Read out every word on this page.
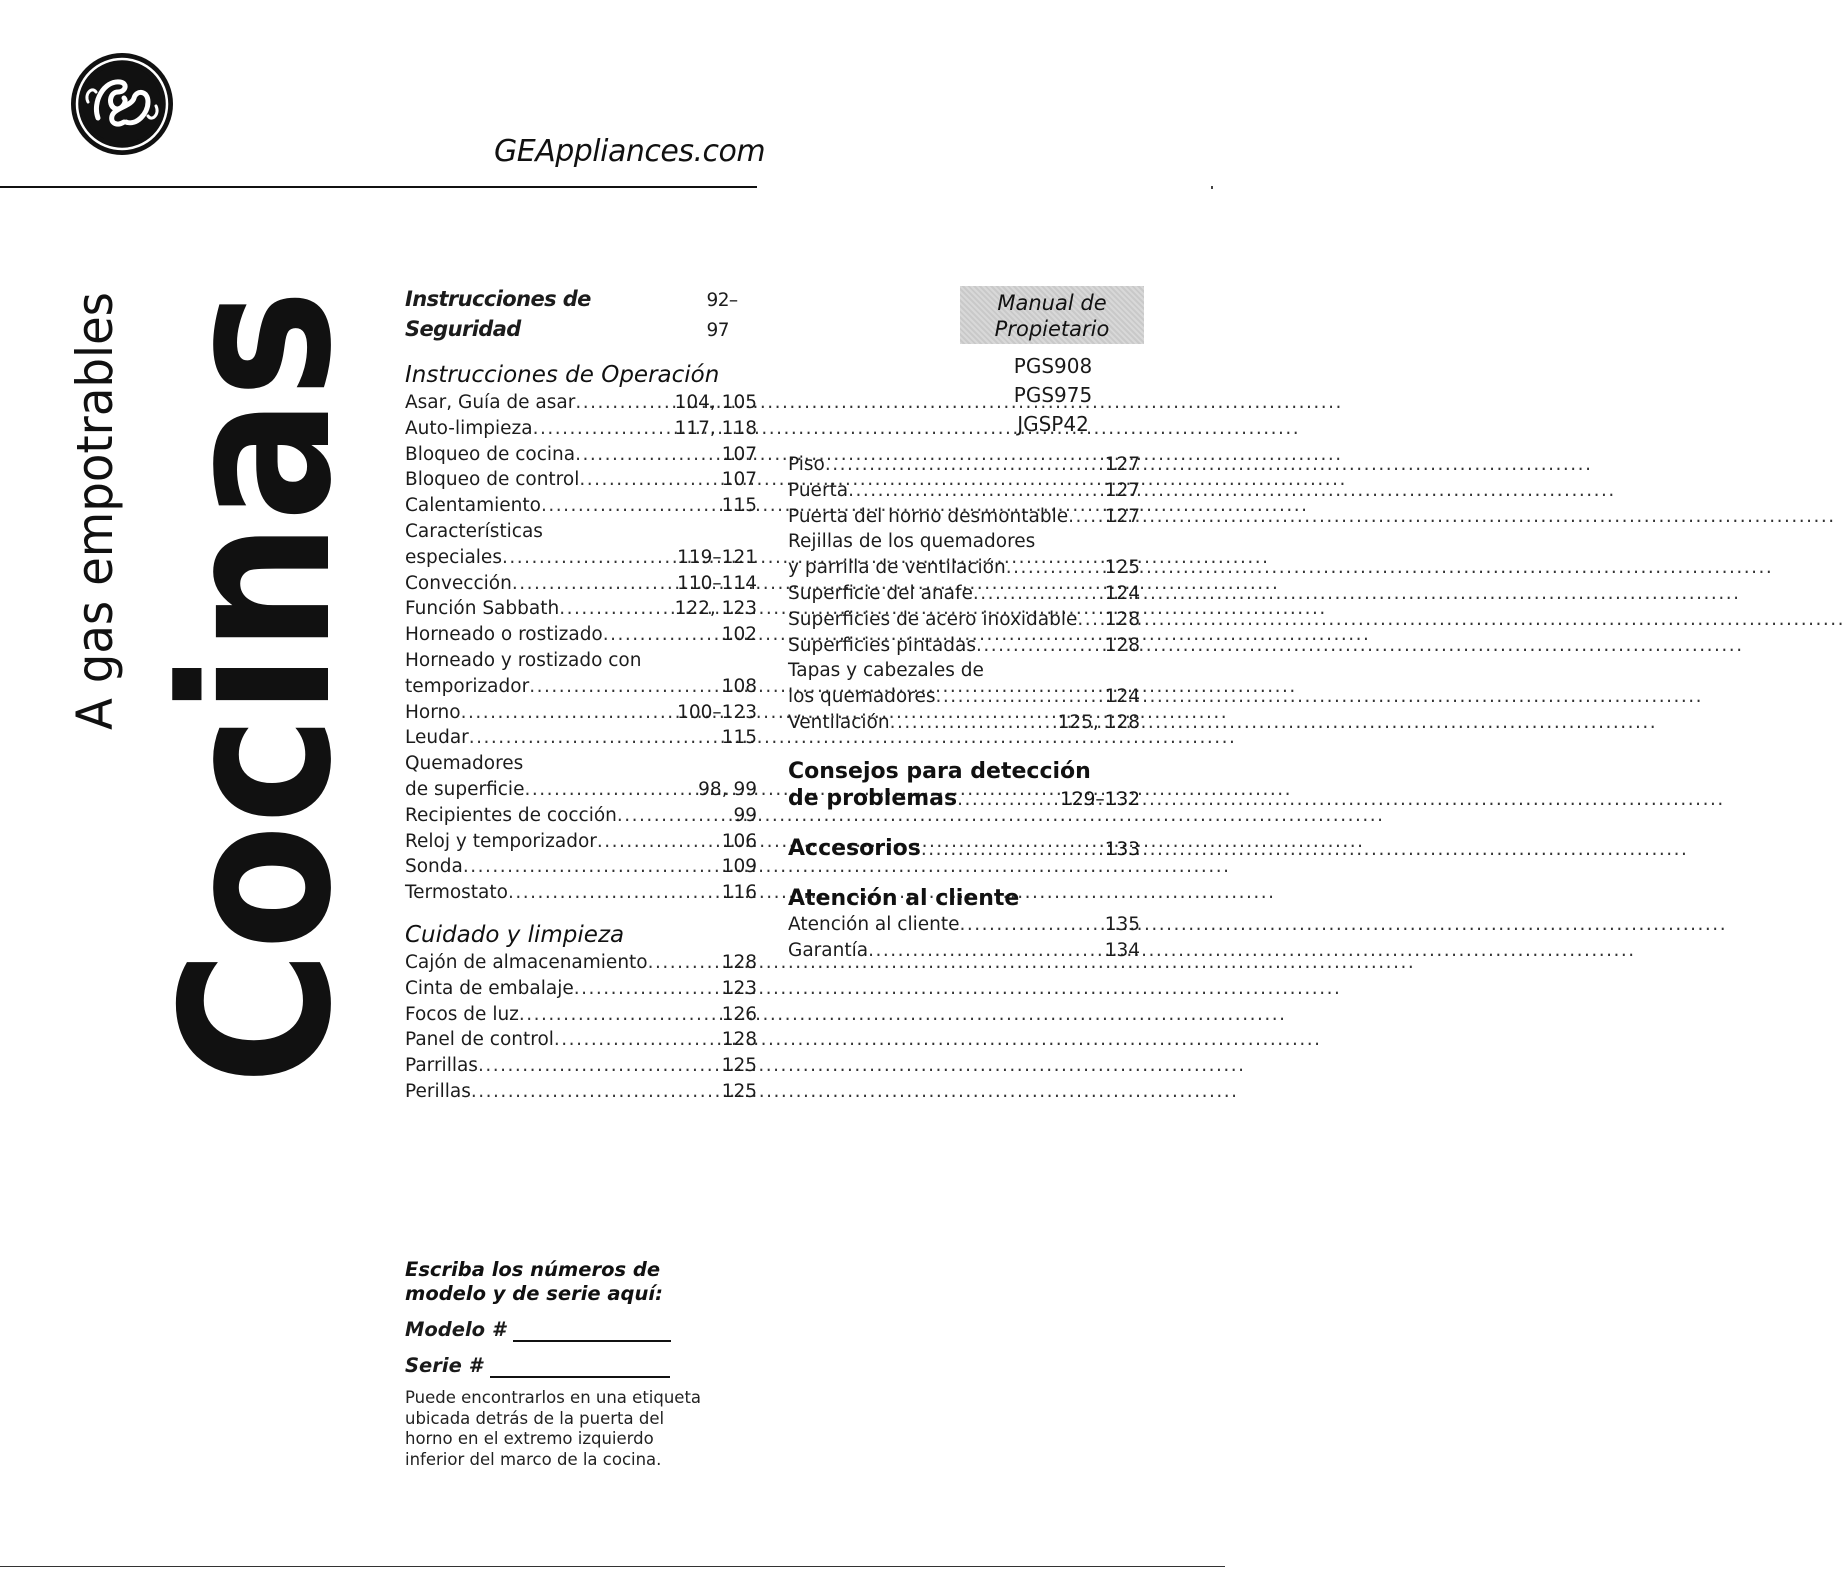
GEAppliances.com
A gas empotrables Cocinas Instrucciones de Seguridad
92–97
Instrucciones de Operación
Asar, Guía de asar .....	104, 105
Auto-limpieza .....	117, 118
Bloqueo de cocina .....	107
Bloqueo de control .....	107
Calentamiento .....	115
Características
especiales .....	119–121
Convección .....	110–114
Función Sabbath .....	122, 123
Horneado o rostizado .....	102
Horneado y rostizado con
temporizador .....	108
Horno .....	100–123
Leudar .....	115
Quemadores
de superficie .....	98, 99
Recipientes de cocción .....	99
Reloj y temporizador .....	106
Sonda .....	109
Termostato .....	116
Cuidado y limpieza
Cajón de almacenamiento .....	128
Cinta de embalaje .....	123
Focos de luz .....	126
Panel de control .....	128
Parrillas .....	125
Perillas .....	125
Manual de
Propietario
PGS908
PGS975
JGSP42
Piso .....	127
Puerta .....	127
Puerta del horno desmontable ..... 127
Rejillas de los quemadores
y parrilla de ventilación .....	125
Superficie del anafe .....	124
Superficies de acero inoxidable ..... 128
Superficies pintadas .....	128
Tapas y cabezales de
los quemadores .....	124
Ventilación .....	125, 128
Consejos para detección
de problemas .....	129–132
Accesorios .....	133
Atención al cliente
Atención al cliente .....	135
Garantía .....	134
Escriba los números de
modelo y de serie aquí:
Modelo #
Serie #
Puede encontrarlos en una etiqueta ubicada detrás de la puerta del horno en el extremo izquierdo inferior del marco de la cocina.
